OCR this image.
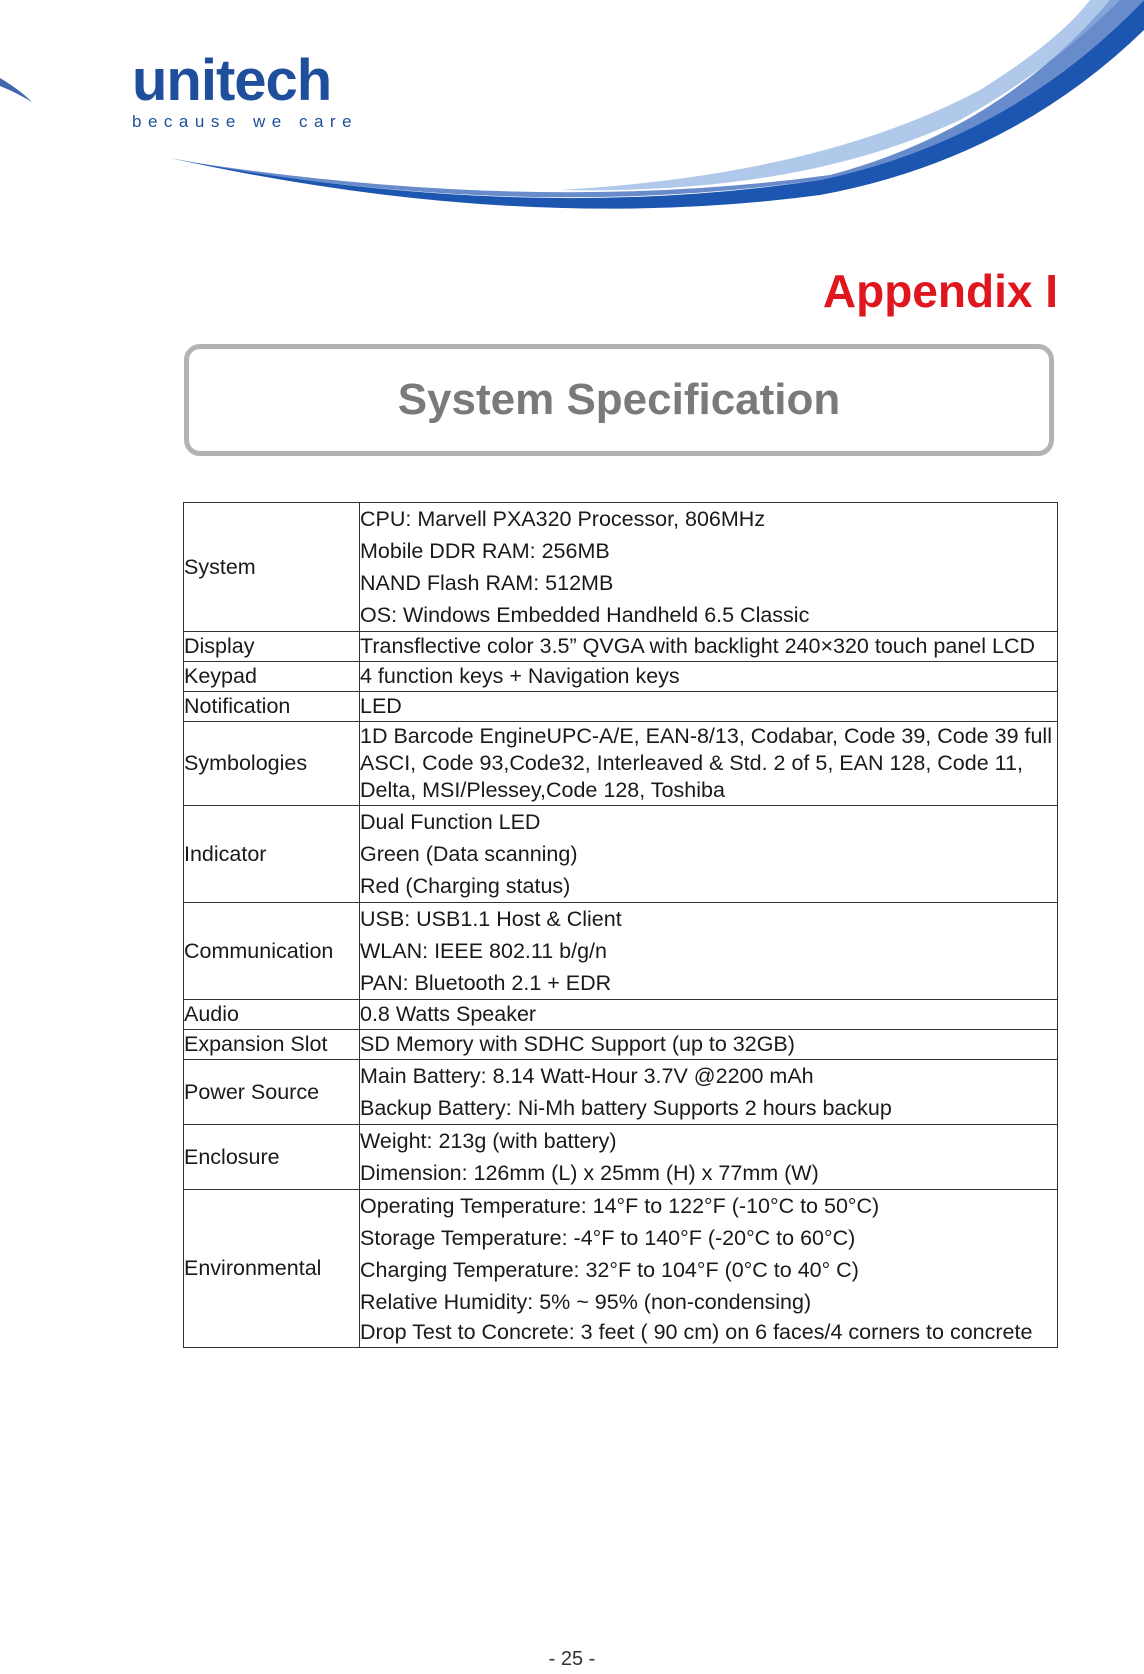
unitech
because we care
Appendix I
System Specification
System	CPU: Marvell PXA320 Processor, 806MHz
Mobile DDR RAM: 256MB
NAND Flash RAM: 512MB
OS: Windows Embedded Handheld 6.5 Classic

Display	Transflective color 3.5” QVGA with backlight 240×320 touch panel LCD

Keypad	4 function keys + Navigation keys

Notification	LED

Symbologies	1D Barcode EngineUPC-A/E, EAN-8/13, Codabar, Code 39, Code 39 full ASCI, Code 93,Code32, Interleaved & Std. 2 of 5, EAN 128, Code 11, Delta, MSI/Plessey,Code 128, Toshiba

Indicator	Dual Function LED
Green (Data scanning)
Red (Charging status)

Communication	USB: USB1.1 Host & Client
WLAN: IEEE 802.11 b/g/n
PAN: Bluetooth 2.1 + EDR

Audio	0.8 Watts Speaker

Expansion Slot	SD Memory with SDHC Support (up to 32GB)

Power Source	Main Battery: 8.14 Watt-Hour 3.7V @2200 mAh
Backup Battery: Ni-Mh battery Supports 2 hours backup

Enclosure	Weight: 213g (with battery)
Dimension: 126mm (L) x 25mm (H) x 77mm (W)

Environmental	Operating Temperature: 14°F to 122°F (-10°C to 50°C)
Storage Temperature: -4°F to 140°F (-20°C to 60°C)
Charging Temperature: 32°F to 104°F (0°C to 40° C)
Relative Humidity: 5% ~ 95% (non-condensing)
Drop Test to Concrete: 3 feet ( 90 cm) on 6 faces/4 corners to concrete
- 25 -
